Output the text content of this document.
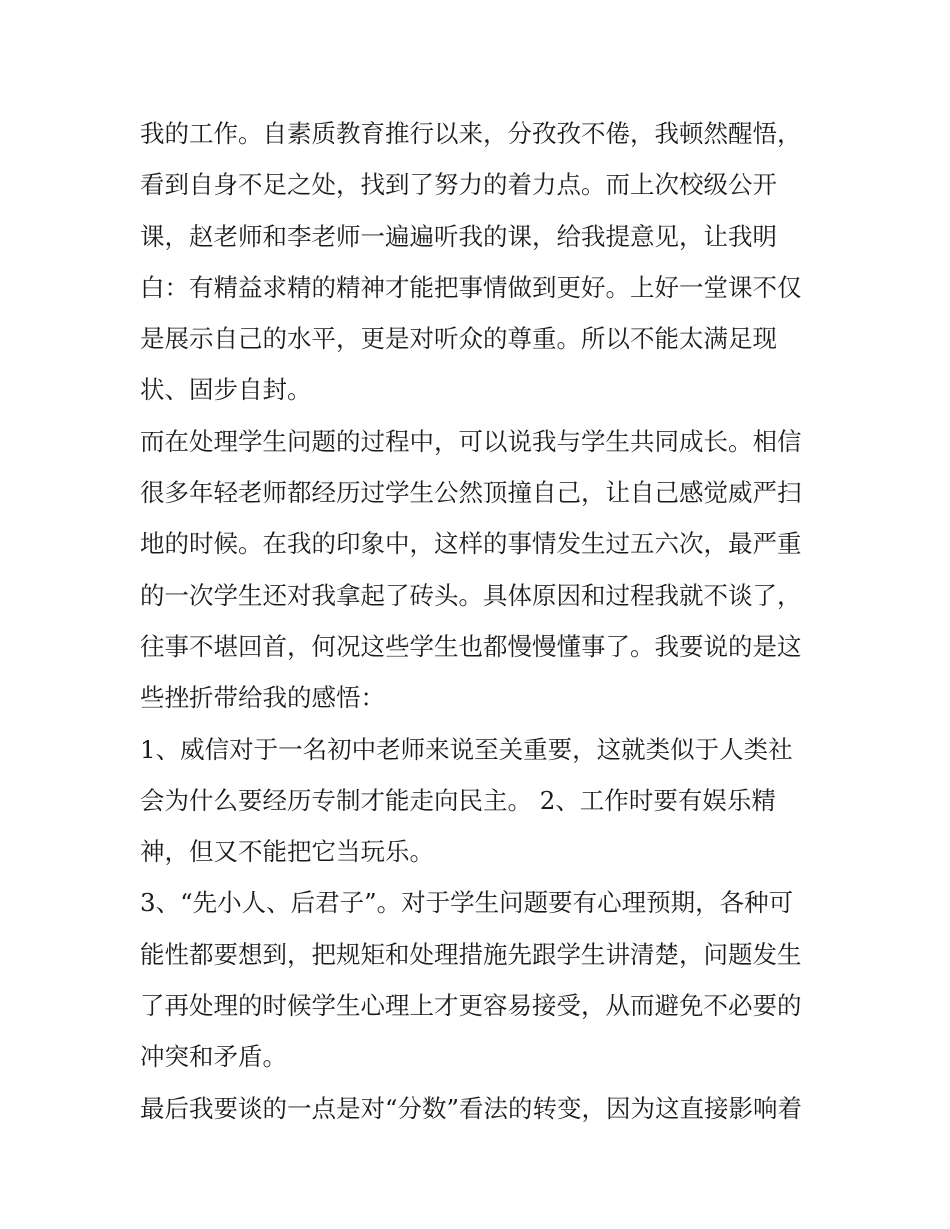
我的工作。自素质教育推行以来，分孜孜不倦，我顿然醒悟，
看到自身不足之处，找到了努力的着力点。而上次校级公开
课，赵老师和李老师一遍遍听我的课，给我提意见，让我明
白：有精益求精的精神才能把事情做到更好。上好一堂课不仅
是展示自己的水平，更是对听众的尊重。所以不能太满足现
状、固步自封。
而在处理学生问题的过程中，可以说我与学生共同成长。相信
很多年轻老师都经历过学生公然顶撞自己，让自己感觉威严扫
地的时候。在我的印象中，这样的事情发生过五六次，最严重
的一次学生还对我拿起了砖头。具体原因和过程我就不谈了，
往事不堪回首，何况这些学生也都慢慢懂事了。我要说的是这
些挫折带给我的感悟：
1、威信对于一名初中老师来说至关重要，这就类似于人类社
会为什么要经历专制才能走向民主。 2、工作时要有娱乐精
神，但又不能把它当玩乐。
3、“先小人、后君子”。对于学生问题要有心理预期，各种可
能性都要想到，把规矩和处理措施先跟学生讲清楚，问题发生
了再处理的时候学生心理上才更容易接受，从而避免不必要的
冲突和矛盾。
最后我要谈的一点是对“分数”看法的转变，因为这直接影响着
